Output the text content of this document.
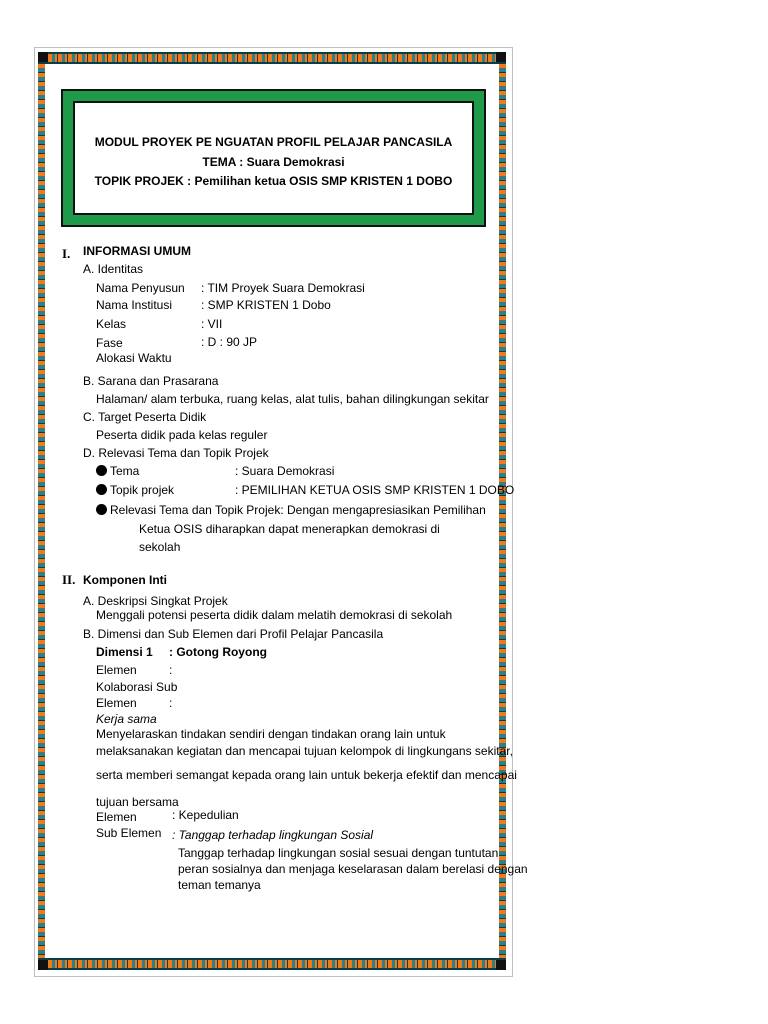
MODUL PROYEK PE NGUATAN PROFIL PELAJAR PANCASILA
TEMA : Suara Demokrasi
TOPIK PROJEK : Pemilihan ketua OSIS SMP KRISTEN 1 DOBO
I. INFORMASI UMUM
A. Identitas
Nama Penyusun : TIM Proyek Suara Demokrasi
Nama Institusi : SMP KRISTEN 1 Dobo
Kelas	: VII
Fase	: D : 90 JP
Alokasi Waktu
B. Sarana dan Prasarana
Halaman/ alam terbuka, ruang kelas, alat tulis, bahan dilingkungan sekitar
C. Target Peserta Didik
Peserta didik pada kelas reguler
D. Relevasi Tema dan Topik Projek
Tema	: Suara Demokrasi
Topik projek	: PEMILIHAN KETUA OSIS SMP KRISTEN 1 DOBO
Relevasi Tema dan Topik Projek: Dengan mengapresiasikan Pemilihan
Ketua OSIS diharapkan dapat menerapkan demokrasi di
sekolah
II. Komponen Inti
A. Deskripsi Singkat Projek
Menggali potensi peserta didik dalam melatih demokrasi di sekolah
B. Dimensi dan Sub Elemen dari Profil Pelajar Pancasila
Dimensi 1 : Gotong Royong
Elemen	:
Kolaborasi Sub
Elemen	:
Kerja sama
Menyelaraskan tindakan sendiri dengan tindakan orang lain untuk
melaksanakan kegiatan dan mencapai tujuan kelompok di lingkungans sekitar,
serta memberi semangat kepada orang lain untuk bekerja efektif dan mencapai
tujuan bersama
Elemen	: Kepedulian
Sub Elemen : Tanggap terhadap lingkungan Sosial
Tanggap terhadap lingkungan sosial sesuai dengan tuntutan
peran sosialnya dan menjaga keselarasan dalam berelasi dengan
teman temanya
